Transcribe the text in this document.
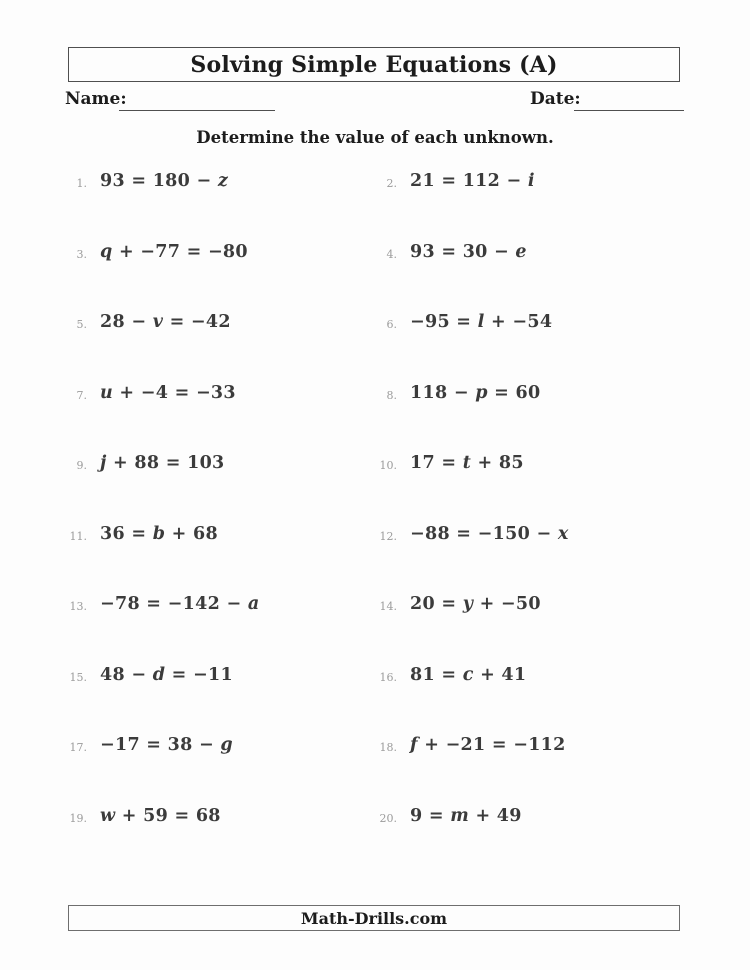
Solving Simple Equations (A)
Name:	Date:
Determine the value of each unknown.
1. 93 = 180 − z	2. 21 = 112 − i
3. q + −77 = −80	4. 93 = 30 − e
5. 28 − v = −42	6. −95 = l + −54
7. u + −4 = −33	8. 118 − p = 60
9. j + 88 = 103	10. 17 = t + 85
11. 36 = b + 68	12. −88 = −150 − x
13. −78 = −142 − a	14. 20 = y + −50
15. 48 − d = −11	16. 81 = c + 41
17. −17 = 38 − g	18. f + −21 = −112
19. w + 59 = 68	20. 9 = m + 49
Math-Drills.com
